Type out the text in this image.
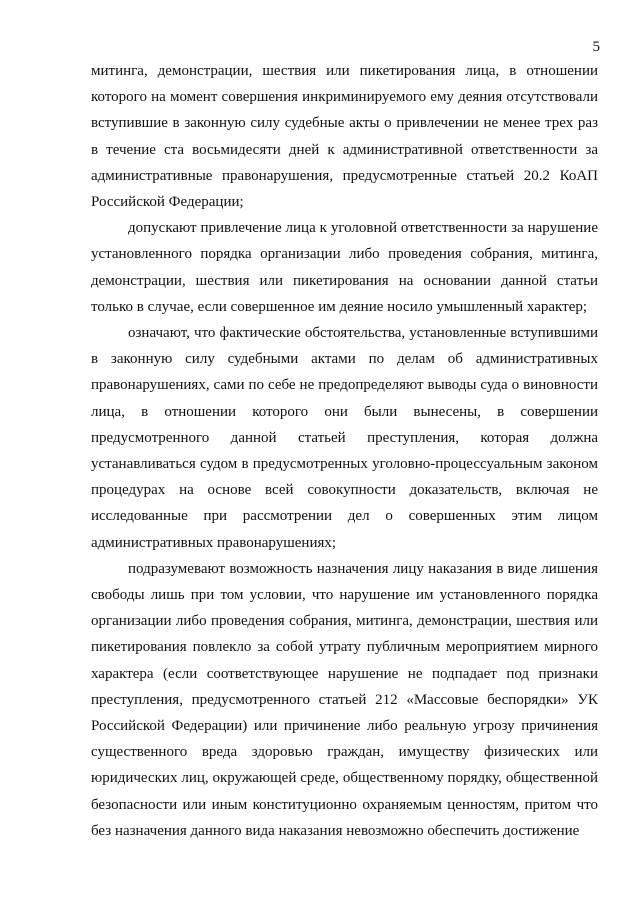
5

митинга, демонстрации, шествия или пикетирования лица, в отношении которого на момент совершения инкриминируемого ему деяния отсутствовали вступившие в законную силу судебные акты о привлечении не менее трех раз в течение ста восьмидесяти дней к административной ответственности за административные правонарушения, предусмотренные статьей 20.2 КоАП Российской Федерации;

допускают привлечение лица к уголовной ответственности за нарушение установленного порядка организации либо проведения собрания, митинга, демонстрации, шествия или пикетирования на основании данной статьи только в случае, если совершенное им деяние носило умышленный характер;

означают, что фактические обстоятельства, установленные вступившими в законную силу судебными актами по делам об административных правонарушениях, сами по себе не предопределяют выводы суда о виновности лица, в отношении которого они были вынесены, в совершении предусмотренного данной статьей преступления, которая должна устанавливаться судом в предусмотренных уголовно-процессуальным законом процедурах на основе всей совокупности доказательств, включая не исследованные при рассмотрении дел о совершенных этим лицом административных правонарушениях;

подразумевают возможность назначения лицу наказания в виде лишения свободы лишь при том условии, что нарушение им установленного порядка организации либо проведения собрания, митинга, демонстрации, шествия или пикетирования повлекло за собой утрату публичным мероприятием мирного характера (если соответствующее нарушение не подпадает под признаки преступления, предусмотренного статьей 212 «Массовые беспорядки» УК Российской Федерации) или причинение либо реальную угрозу причинения существенного вреда здоровью граждан, имуществу физических или юридических лиц, окружающей среде, общественному порядку, общественной безопасности или иным конституционно охраняемым ценностям, притом что без назначения данного вида наказания невозможно обеспечить достижение
